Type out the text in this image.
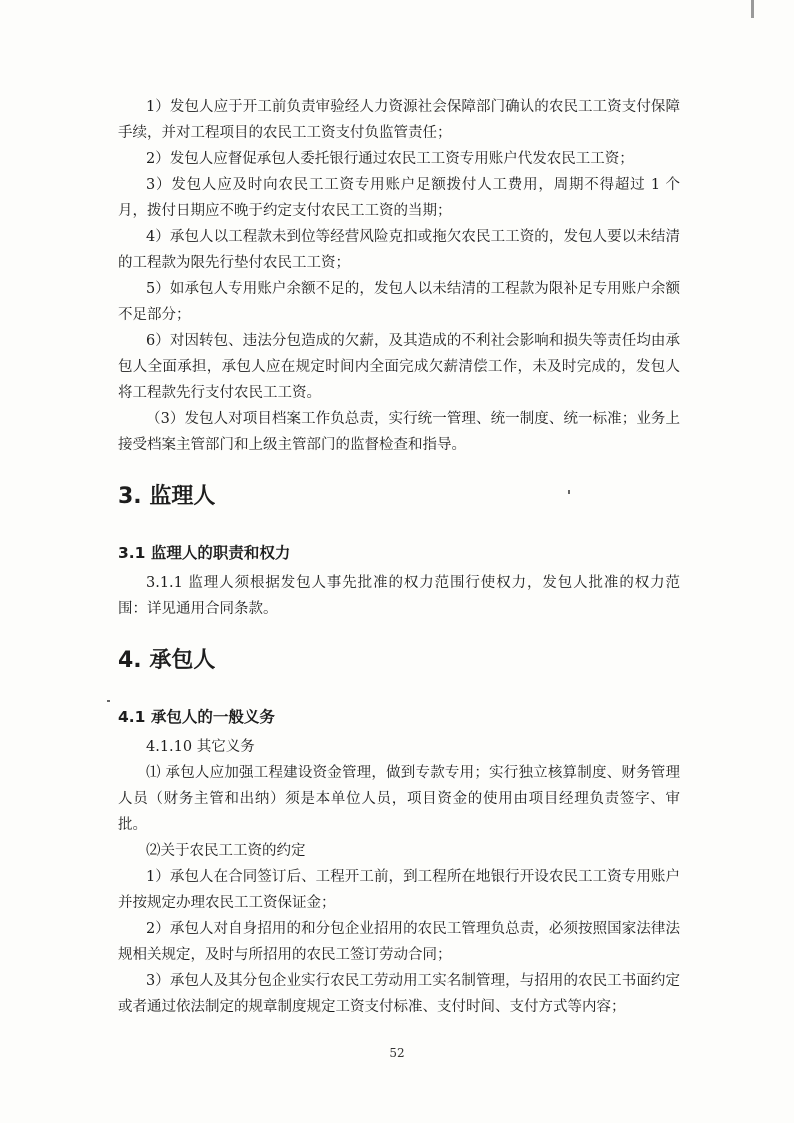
1）发包人应于开工前负责审验经人力资源社会保障部门确认的农民工工资支付保障手续，并对工程项目的农民工工资支付负监管责任；

2）发包人应督促承包人委托银行通过农民工工资专用账户代发农民工工资；

3）发包人应及时向农民工工资专用账户足额拨付人工费用，周期不得超过 1 个月，拨付日期应不晚于约定支付农民工工资的当期；

4）承包人以工程款未到位等经营风险克扣或拖欠农民工工资的，发包人要以未结清的工程款为限先行垫付农民工工资；

5）如承包人专用账户余额不足的，发包人以未结清的工程款为限补足专用账户余额不足部分；

6）对因转包、违法分包造成的欠薪，及其造成的不利社会影响和损失等责任均由承包人全面承担，承包人应在规定时间内全面完成欠薪清偿工作，未及时完成的，发包人将工程款先行支付农民工工资。

（3）发包人对项目档案工作负总责，实行统一管理、统一制度、统一标准；业务上接受档案主管部门和上级主管部门的监督检查和指导。

3. 监理人
3.1 监理人的职责和权力

3.1.1 监理人须根据发包人事先批准的权力范围行使权力，发包人批准的权力范围：详见通用合同条款。

4. 承包人
4.1 承包人的一般义务

4.1.10 其它义务

⑴ 承包人应加强工程建设资金管理，做到专款专用；实行独立核算制度、财务管理人员（财务主管和出纳）须是本单位人员，项目资金的使用由项目经理负责签字、审批。

⑵关于农民工工资的约定

1）承包人在合同签订后、工程开工前，到工程所在地银行开设农民工工资专用账户并按规定办理农民工工资保证金；

2）承包人对自身招用的和分包企业招用的农民工管理负总责，必须按照国家法律法规相关规定，及时与所招用的农民工签订劳动合同；

3）承包人及其分包企业实行农民工劳动用工实名制管理，与招用的农民工书面约定或者通过依法制定的规章制度规定工资支付标准、支付时间、支付方式等内容；

52
